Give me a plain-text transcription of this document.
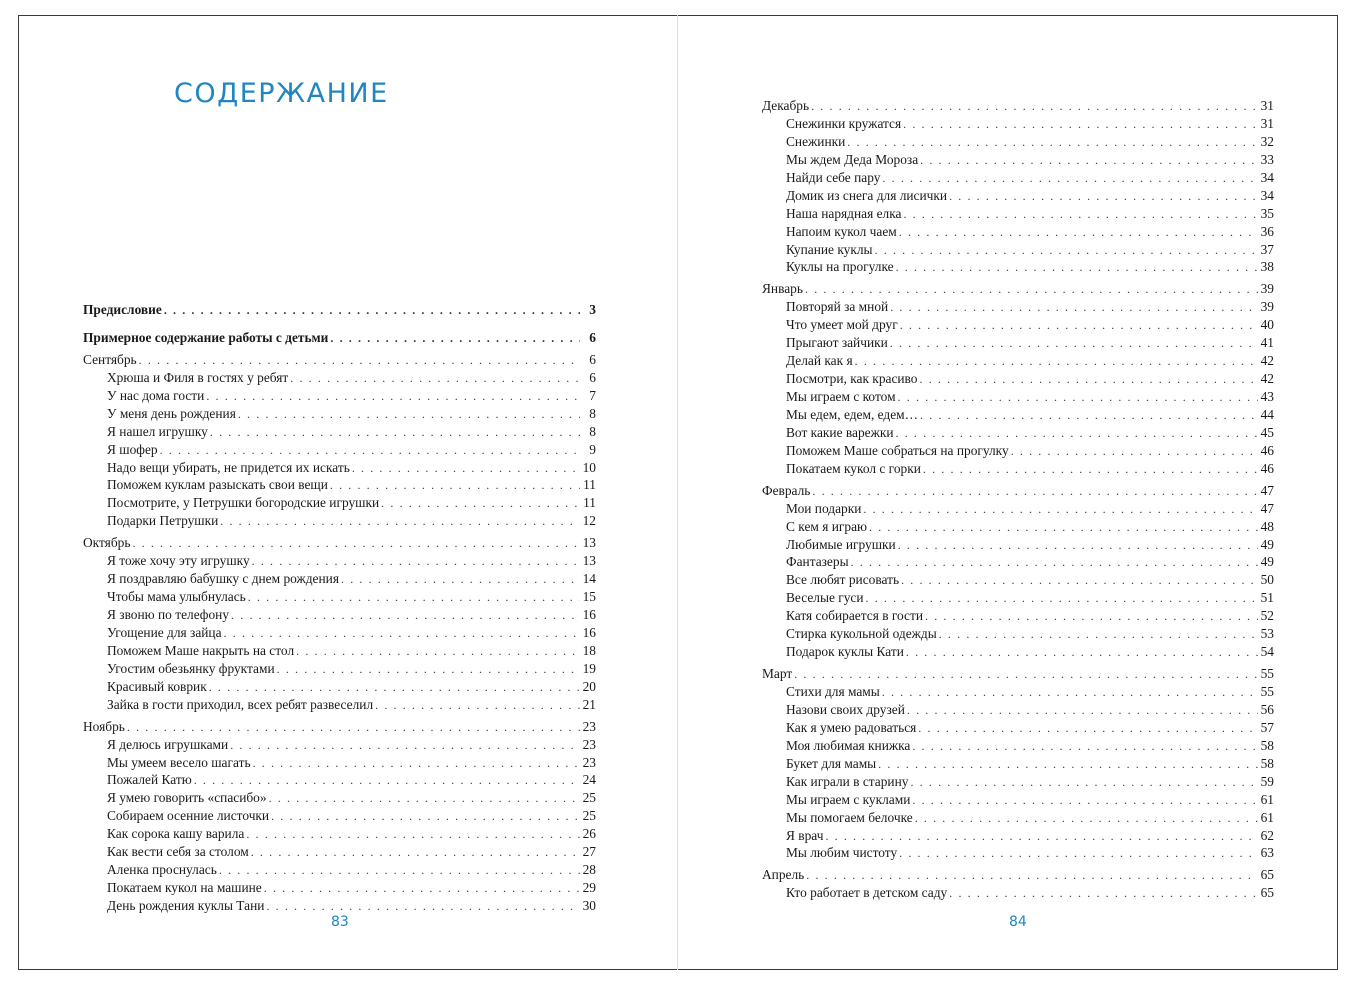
СОДЕРЖАНИЕ
Предисловие . . .	3
Примерное содержание работы с детьми . . .	6
Сентябрь . . .	6
Хрюша и Филя в гостях у ребят . . .	6
У нас дома гости . . .	7
У меня день рождения . . .	8
Я нашел игрушку . . .	8
Я шофер . . .	9
Надо вещи убирать, не придется их искать . . .	10
Поможем куклам разыскать свои вещи . . .	11
Посмотрите, у Петрушки богородские игрушки . . .	11
Подарки Петрушки . . .	12
Октябрь . . .	13
Я тоже хочу эту игрушку . . .	13
Я поздравляю бабушку с днем рождения . . .	14
Чтобы мама улыбнулась . . .	15
Я звоню по телефону . . .	16
Угощение для зайца . . .	16
Поможем Маше накрыть на стол . . .	18
Угостим обезьянку фруктами . . .	19
Красивый коврик . . .	20
Зайка в гости приходил, всех ребят развеселил . . .	21
Ноябрь . . .	23
Я делюсь игрушками . . .	23
Мы умеем весело шагать . . .	23
Пожалей Катю . . .	24
Я умею говорить «спасибо» . . .	25
Собираем осенние листочки . . .	25
Как сорока кашу варила . . .	26
Как вести себя за столом . . .	27
Аленка проснулась . . .	28
Покатаем кукол на машине . . .	29
День рождения куклы Тани . . .	30
83
Декабрь . . .	31
Снежинки кружатся . . .	31
Снежинки . . .	32
Мы ждем Деда Мороза . . .	33
Найди себе пару . . .	34
Домик из снега для лисички . . .	34
Наша нарядная елка . . .	35
Напоим кукол чаем . . .	36
Купание куклы . . .	37
Куклы на прогулке . . .	38
Январь . . .	39
Повторяй за мной . . .	39
Что умеет мой друг . . .	40
Прыгают зайчики . . .	41
Делай как я . . .	42
Посмотри, как красиво . . .	42
Мы играем с котом . . .	43
Мы едем, едем, едем… . . .	44
Вот какие варежки . . .	45
Поможем Маше собраться на прогулку . . .	46
Покатаем кукол с горки . . .	46
Февраль . . .	47
Мои подарки . . .	47
С кем я играю . . .	48
Любимые игрушки . . .	49
Фантазеры . . .	49
Все любят рисовать . . .	50
Веселые гуси . . .	51
Катя собирается в гости . . .	52
Стирка кукольной одежды . . .	53
Подарок куклы Кати . . .	54
Март . . .	55
Стихи для мамы . . .	55
Назови своих друзей . . .	56
Как я умею радоваться . . .	57
Моя любимая книжка . . .	58
Букет для мамы . . .	58
Как играли в старину . . .	59
Мы играем с куклами . . .	61
Мы помогаем белочке . . .	61
Я врач . . .	62
Мы любим чистоту . . .	63
Апрель . . .	65
Кто работает в детском саду . . .	65
84
